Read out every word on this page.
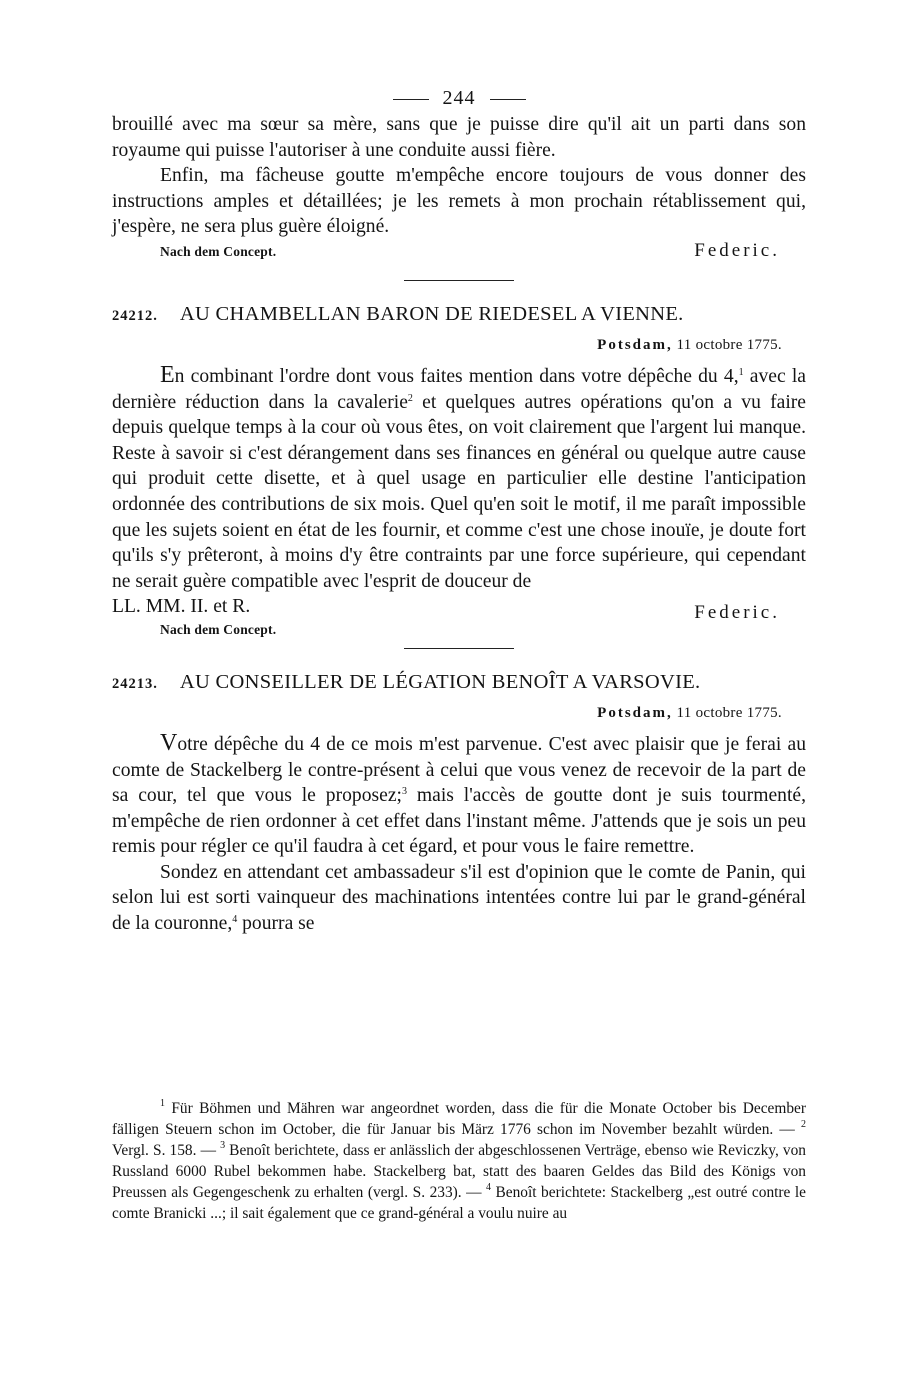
244

brouillé avec ma sœur sa mère, sans que je puisse dire qu'il ait un parti dans son royaume qui puisse l'autoriser à une conduite aussi fière.

Enfin, ma fâcheuse goutte m'empêche encore toujours de vous donner des instructions amples et détaillées; je les remets à mon prochain rétablissement qui, j'espère, ne sera plus guère éloigné.

Nach dem Concept.	Federic.
24212. AU CHAMBELLAN BARON DE RIEDESEL A VIENNE.
Potsdam, 11 octobre 1775.

En combinant l'ordre dont vous faites mention dans votre dépêche du 4,$^1$ avec la dernière réduction dans la cavalerie$^2$ et quelques autres opérations qu'on a vu faire depuis quelque temps à la cour où vous êtes, on voit clairement que l'argent lui manque. Reste à savoir si c'est dérangement dans ses finances en général ou quelque autre cause qui produit cette disette, et à quel usage en particulier elle destine l'anticipation ordonnée des contributions de six mois. Quel qu'en soit le motif, il me paraît impossible que les sujets soient en état de les fournir, et comme c'est une chose inouïe, je doute fort qu'ils s'y prêteront, à moins d'y être contraints par une force supérieure, qui cependant ne serait guère compatible avec l'esprit de douceur de

LL. MM. II. et R.
Nach dem Concept.
Federic.
24213. AU CONSEILLER DE LÉGATION BENOÎT A VARSOVIE.
Potsdam, 11 octobre 1775.

Votre dépêche du 4 de ce mois m'est parvenue. C'est avec plaisir que je ferai au comte de Stackelberg le contre-présent à celui que vous venez de recevoir de la part de sa cour, tel que vous le proposez;$^3$ mais l'accès de goutte dont je suis tourmenté, m'empêche de rien ordonner à cet effet dans l'instant même. J'attends que je sois un peu remis pour régler ce qu'il faudra à cet égard, et pour vous le faire remettre.

Sondez en attendant cet ambassadeur s'il est d'opinion que le comte de Panin, qui selon lui est sorti vainqueur des machinations intentées contre lui par le grand-général de la couronne,$^4$ pourra se

$^1$ Für Böhmen und Mähren war angeordnet worden, dass die für die Monate October bis December fälligen Steuern schon im October, die für Januar bis März 1776 schon im November bezahlt würden. — $^2$ Vergl. S. 158. — $^3$ Benoît berichtete, dass er anlässlich der abgeschlossenen Verträge, ebenso wie Reviczky, von Russland 6000 Rubel bekommen habe. Stackelberg bat, statt des baaren Geldes das Bild des Königs von Preussen als Gegengeschenk zu erhalten (vergl. S. 233). — $^4$ Benoît berichtete: Stackelberg „est outré contre le comte Branicki ...; il sait également que ce grand-général a voulu nuire au
